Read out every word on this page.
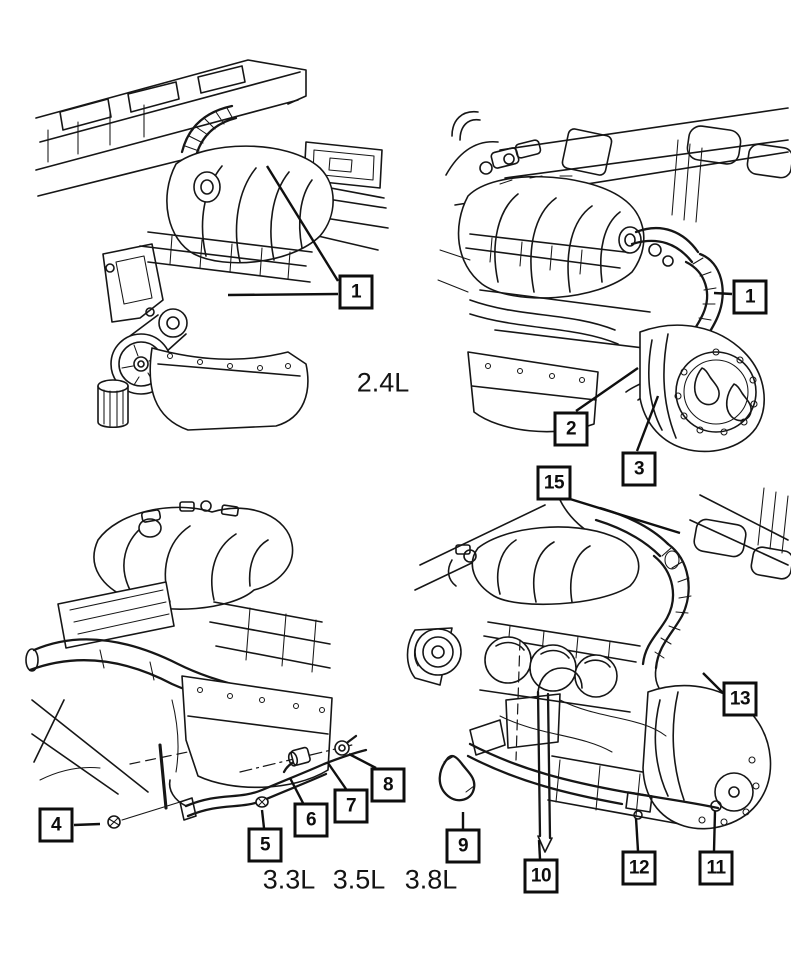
1	1
2
3
15
4
5
6
7
8
9
10	12	11
13
2.4L
3.3L 3.5L 3.8L
